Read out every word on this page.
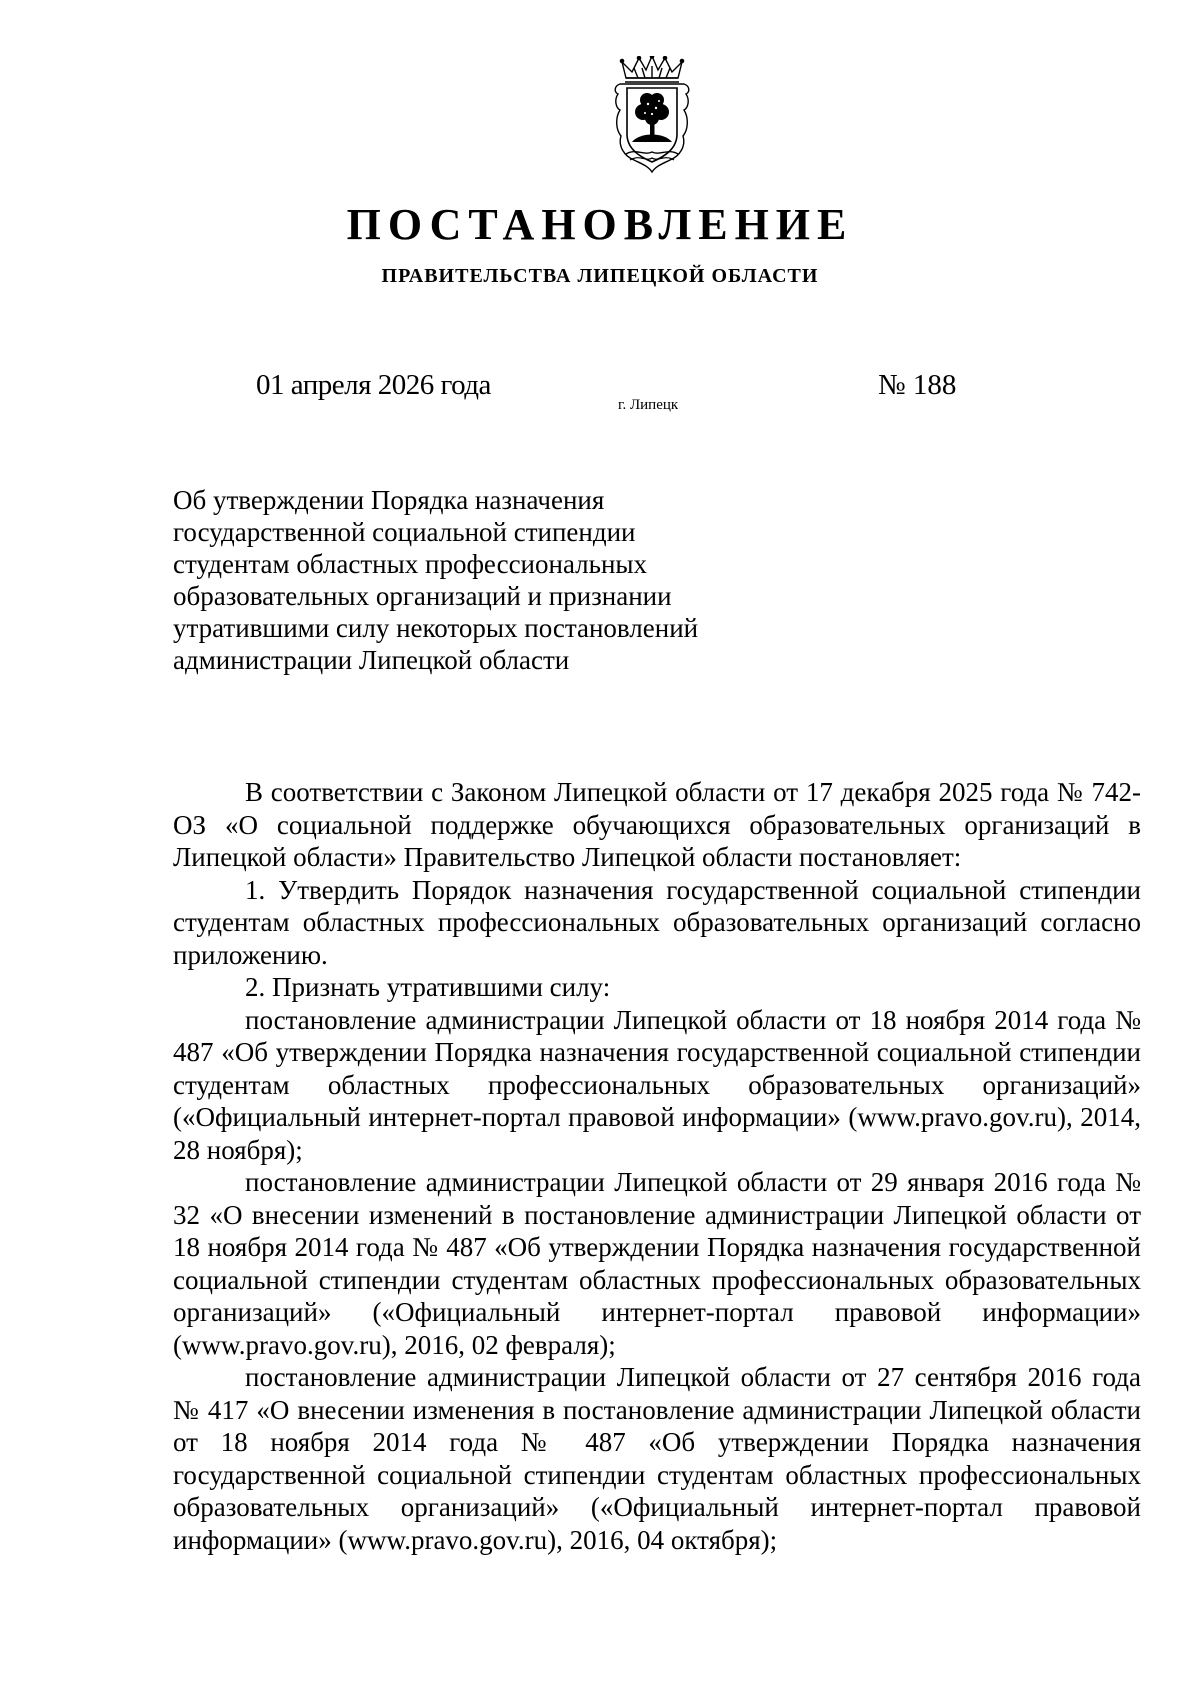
ПОСТАНОВЛЕНИЕ
ПРАВИТЕЛЬСТВА ЛИПЕЦКОЙ ОБЛАСТИ
01 апреля 2026 года
г. Липецк
№ 188
Об утверждении Порядка назначения
государственной социальной стипендии
студентам областных профессиональных
образовательных организаций и признании
утратившими силу некоторых постановлений
администрации Липецкой области

В соответствии с Законом Липецкой области от 17 декабря 2025 года № 742-ОЗ «О социальной поддержке обучающихся образовательных организаций в Липецкой области» Правительство Липецкой области постановляет:

1. Утвердить Порядок назначения государственной социальной стипендии студентам областных профессиональных образовательных организаций согласно приложению.

2. Признать утратившими силу:

постановление администрации Липецкой области от 18 ноября 2014 года № 487 «Об утверждении Порядка назначения государственной социальной стипендии студентам областных профессиональных образовательных организаций» («Официальный интернет-портал правовой информации» (www.pravo.gov.ru), 2014, 28 ноября);

постановление администрации Липецкой области от 29 января 2016 года № 32 «О внесении изменений в постановление администрации Липецкой области от 18 ноября 2014 года № 487 «Об утверждении Порядка назначения государственной социальной стипендии студентам областных профессиональных образовательных организаций» («Официальный интернет-портал правовой информации» (www.pravo.gov.ru), 2016, 02 февраля);

постановление администрации Липецкой области от 27 сентября 2016 года № 417 «О внесении изменения в постановление администрации Липецкой области от 18 ноября 2014 года № 487 «Об утверждении Порядка назначения государственной социальной стипендии студентам областных профессиональных образовательных организаций» («Официальный интернет-портал правовой информации» (www.pravo.gov.ru), 2016, 04 октября);
